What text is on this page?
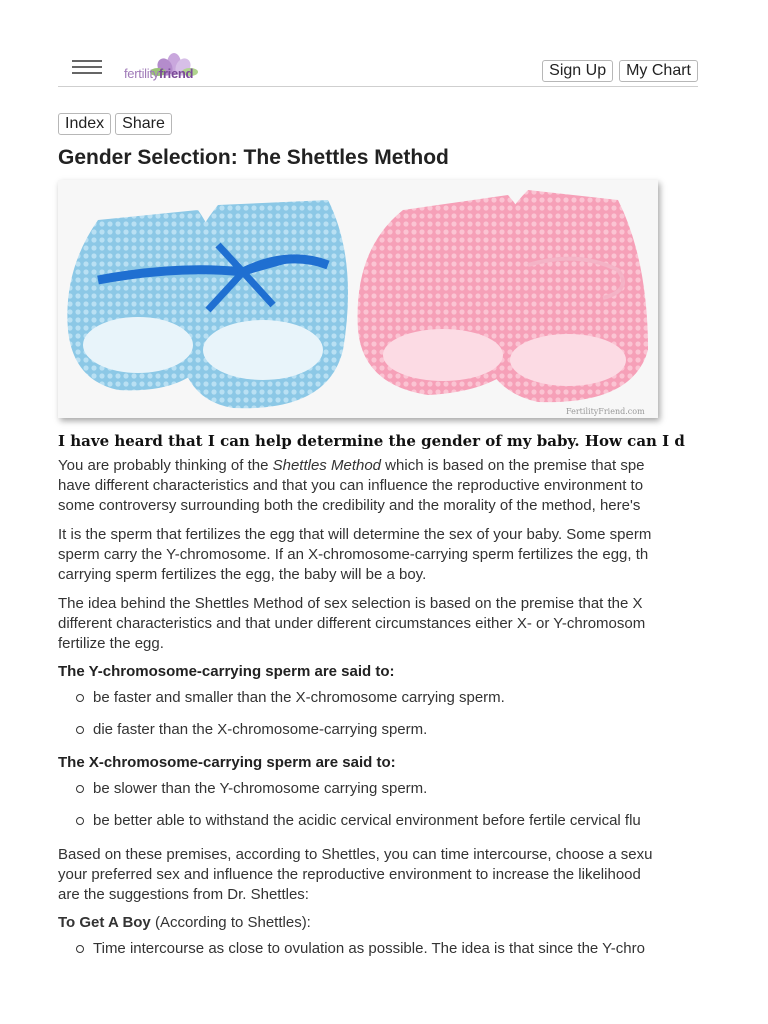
fertilityfriend	Sign Up	My Chart
Index	Share
Gender Selection: The Shettles Method
FertilityFriend.com
I have heard that I can help determine the gender of my baby. How can I d

You are probably thinking of the Shettles Method which is based on the premise that spe

have different characteristics and that you can influence the reproductive environment to

some controversy surrounding both the credibility and the morality of the method, here's

It is the sperm that fertilizes the egg that will determine the sex of your baby. Some sperm

sperm carry the Y-chromosome. If an X-chromosome-carrying sperm fertilizes the egg, th

carrying sperm fertilizes the egg, the baby will be a boy.

The idea behind the Shettles Method of sex selection is based on the premise that the X

different characteristics and that under different circumstances either X- or Y-chromosom

fertilize the egg.

The Y-chromosome-carrying sperm are said to:
be faster and smaller than the X-chromosome carrying sperm.
die faster than the X-chromosome-carrying sperm.
The X-chromosome-carrying sperm are said to:
be slower than the Y-chromosome carrying sperm.
be better able to withstand the acidic cervical environment before fertile cervical flu

Based on these premises, according to Shettles, you can time intercourse, choose a sexu

your preferred sex and influence the reproductive environment to increase the likelihood

are the suggestions from Dr. Shettles:

To Get A Boy (According to Shettles):
Time intercourse as close to ovulation as possible. The idea is that since the Y-chro
